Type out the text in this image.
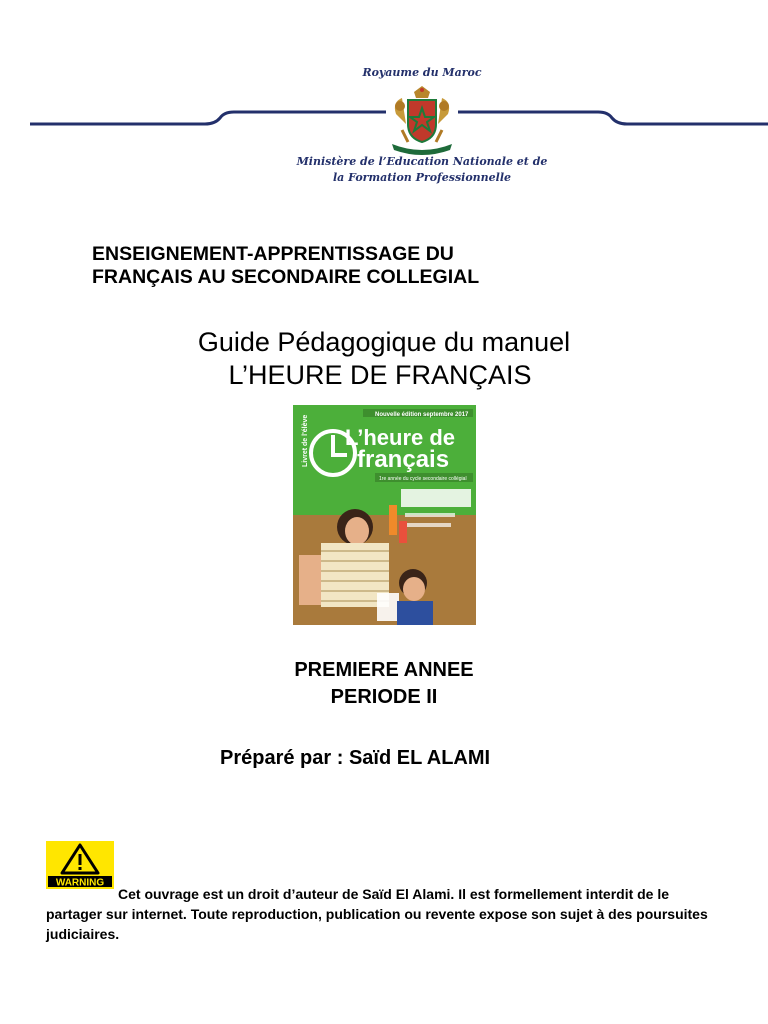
Royaume du Maroc
Ministère de l’Education Nationale et de
la Formation Professionnelle
ENSEIGNEMENT-APPRENTISSAGE DU
FRANÇAIS AU SECONDAIRE COLLEGIAL
Guide Pédagogique du manuel
L’HEURE DE FRANÇAIS
Nouvelle édition septembre 2017
Livret de l'élève L’heure de
français
1re année du cycle secondaire collégial
PREMIERE ANNEE
PERIODE II
Préparé par : Saïd EL ALAMI
WARNING
Cet ouvrage est un droit d’auteur de Saïd El Alami. Il est formellement interdit de le partager sur internet. Toute reproduction, publication ou revente expose son sujet à des poursuites judiciaires.
